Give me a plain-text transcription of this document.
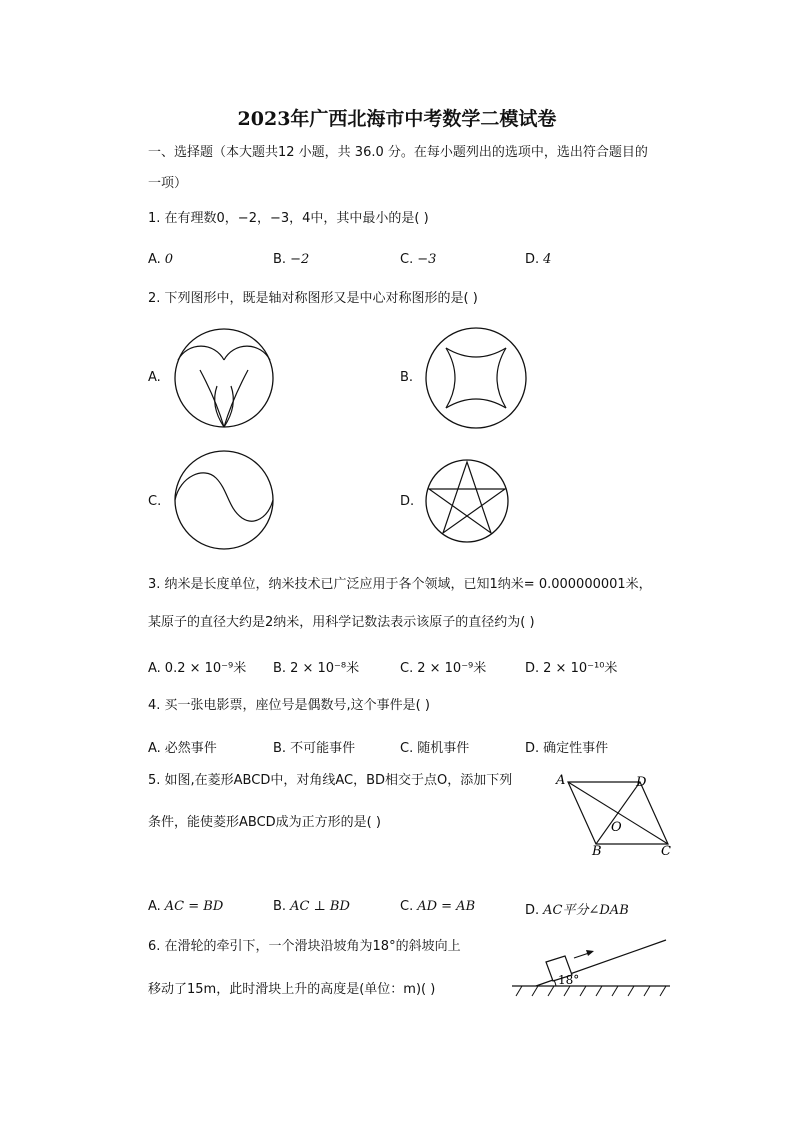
2023年广西北海市中考数学二模试卷
一、选择题（本大题共12 小题，共 36.0 分。在每小题列出的选项中，选出符合题目的
一项）
1. 在有理数0，−2，−3，4中，其中最小的是( )
A. 0	B. −2	C. −3	D. 4
2. 下列图形中，既是轴对称图形又是中心对称图形的是( )
A.	B.
C.	D.
3. 纳米是长度单位，纳米技术已广泛应用于各个领域，已知1纳米= 0.000000001米，
某原子的直径大约是2纳米，用科学记数法表示该原子的直径约为( )
A. 0.2 × 10⁻⁹米 B. 2 × 10⁻⁸米	C. 2 × 10⁻⁹米	D. 2 × 10⁻¹⁰米
4. 买一张电影票，座位号是偶数号,这个事件是( )
A. 必然事件	B. 不可能事件	C. 随机事件	D. 确定性事件
5. 如图,在菱形ABCD中，对角线AC，BD相交于点O，添加下列
条件，能使菱形ABCD成为正方形的是( )
A	D
B	C
O
A. AC = BD	B. AC ⊥ BD	C. AD = AB	D. AC平分∠DAB
6. 在滑轮的牵引下，一个滑块沿坡角为18°的斜坡向上
移动了15m，此时滑块上升的高度是(单位：m)( )
18°
